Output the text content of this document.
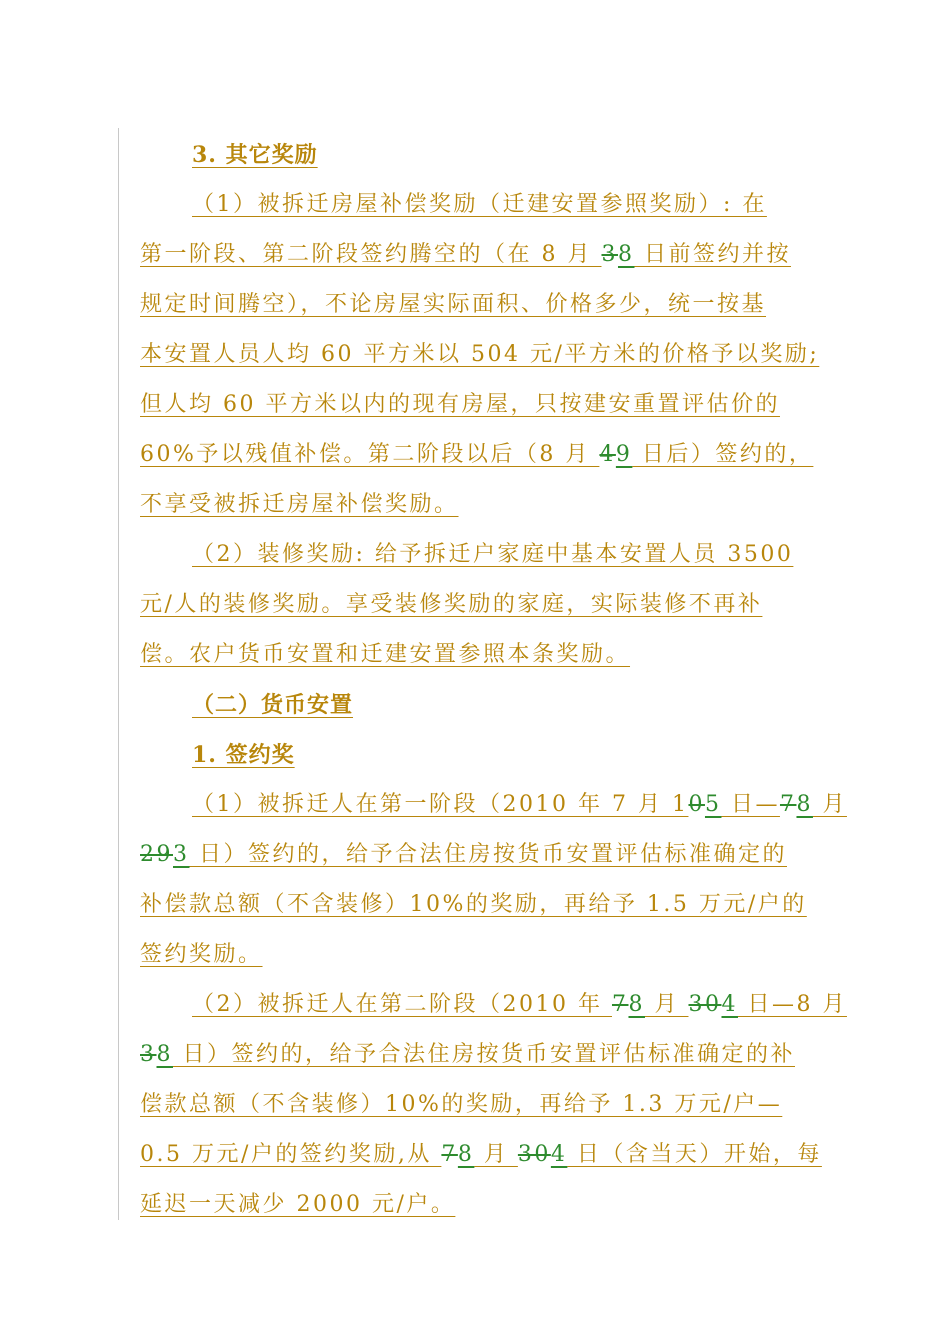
3. 其它奖励
（1）被拆迁房屋补偿奖励（迁建安置参照奖励）: 在
第一阶段、第二阶段签约腾空的（在 8 月 38 日前签约并按
规定时间腾空），不论房屋实际面积、价格多少，统一按基
本安置人员人均 60 平方米以 504 元/平方米的价格予以奖励;
但人均 60 平方米以内的现有房屋，只按建安重置评估价的
60%予以残值补偿。第二阶段以后（8 月 49 日后）签约的，
不享受被拆迁房屋补偿奖励。
（2）装修奖励: 给予拆迁户家庭中基本安置人员 3500
元/人的装修奖励。享受装修奖励的家庭，实际装修不再补
偿。农户货币安置和迁建安置参照本条奖励。
（二）货币安置
1. 签约奖
（1）被拆迁人在第一阶段（2010 年 7 月 105 日—78 月
293 日）签约的，给予合法住房按货币安置评估标准确定的
补偿款总额（不含装修）10%的奖励，再给予 1.5 万元/户的
签约奖励。
（2）被拆迁人在第二阶段（2010 年 78 月 304 日—8 月
38 日）签约的，给予合法住房按货币安置评估标准确定的补
偿款总额（不含装修）10%的奖励，再给予 1.3 万元/户—
0.5 万元/户的签约奖励,从 78 月 304 日（含当天）开始，每
延迟一天减少 2000 元/户。
